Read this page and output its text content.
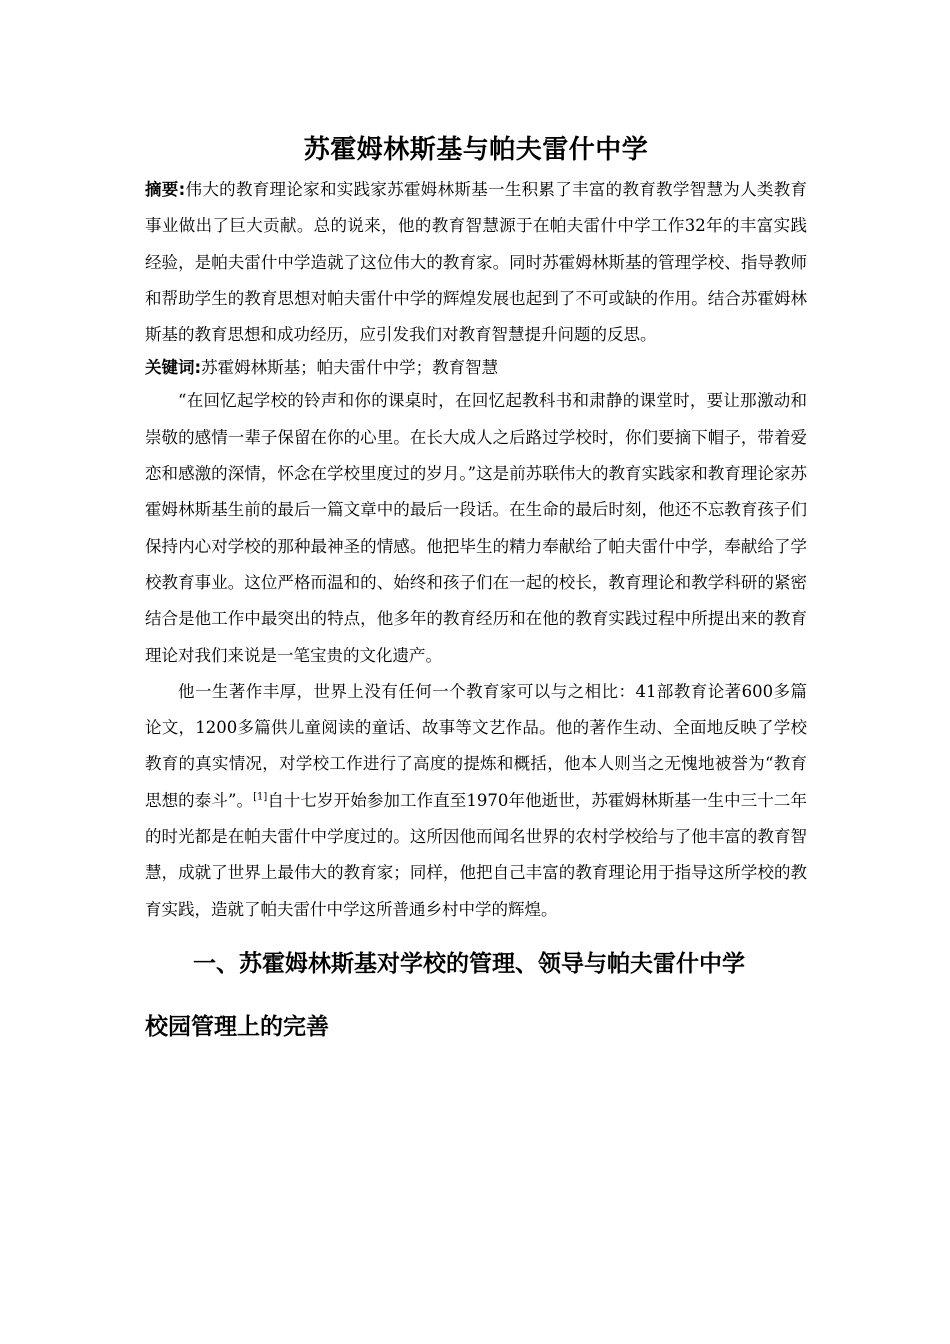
苏霍姆林斯基与帕夫雷什中学

摘要:伟大的教育理论家和实践家苏霍姆林斯基一生积累了丰富的教育教学智慧为人类教育事业做出了巨大贡献。总的说来，他的教育智慧源于在帕夫雷什中学工作32年的丰富实践经验，是帕夫雷什中学造就了这位伟大的教育家。同时苏霍姆林斯基的管理学校、指导教师和帮助学生的教育思想对帕夫雷什中学的辉煌发展也起到了不可或缺的作用。结合苏霍姆林斯基的教育思想和成功经历，应引发我们对教育智慧提升问题的反思。

关键词:苏霍姆林斯基；帕夫雷什中学；教育智慧

“在回忆起学校的铃声和你的课桌时，在回忆起教科书和肃静的课堂时，要让那激动和崇敬的感情一辈子保留在你的心里。在长大成人之后路过学校时，你们要摘下帽子，带着爱恋和感激的深情，怀念在学校里度过的岁月。”这是前苏联伟大的教育实践家和教育理论家苏霍姆林斯基生前的最后一篇文章中的最后一段话。在生命的最后时刻，他还不忘教育孩子们保持内心对学校的那种最神圣的情感。他把毕生的精力奉献给了帕夫雷什中学，奉献给了学校教育事业。这位严格而温和的、始终和孩子们在一起的校长，教育理论和教学科研的紧密结合是他工作中最突出的特点，他多年的教育经历和在他的教育实践过程中所提出来的教育理论对我们来说是一笔宝贵的文化遗产。

他一生著作丰厚，世界上没有任何一个教育家可以与之相比：41部教育论著600多篇论文，1200多篇供儿童阅读的童话、故事等文艺作品。他的著作生动、全面地反映了学校教育的真实情况，对学校工作进行了高度的提炼和概括，他本人则当之无愧地被誉为“教育思想的泰斗”。[1]自十七岁开始参加工作直至1970年他逝世，苏霍姆林斯基一生中三十二年的时光都是在帕夫雷什中学度过的。这所因他而闻名世界的农村学校给与了他丰富的教育智慧，成就了世界上最伟大的教育家；同样，他把自己丰富的教育理论用于指导这所学校的教育实践，造就了帕夫雷什中学这所普通乡村中学的辉煌。

一、苏霍姆林斯基对学校的管理、领导与帕夫雷什中学
校园管理上的完善
